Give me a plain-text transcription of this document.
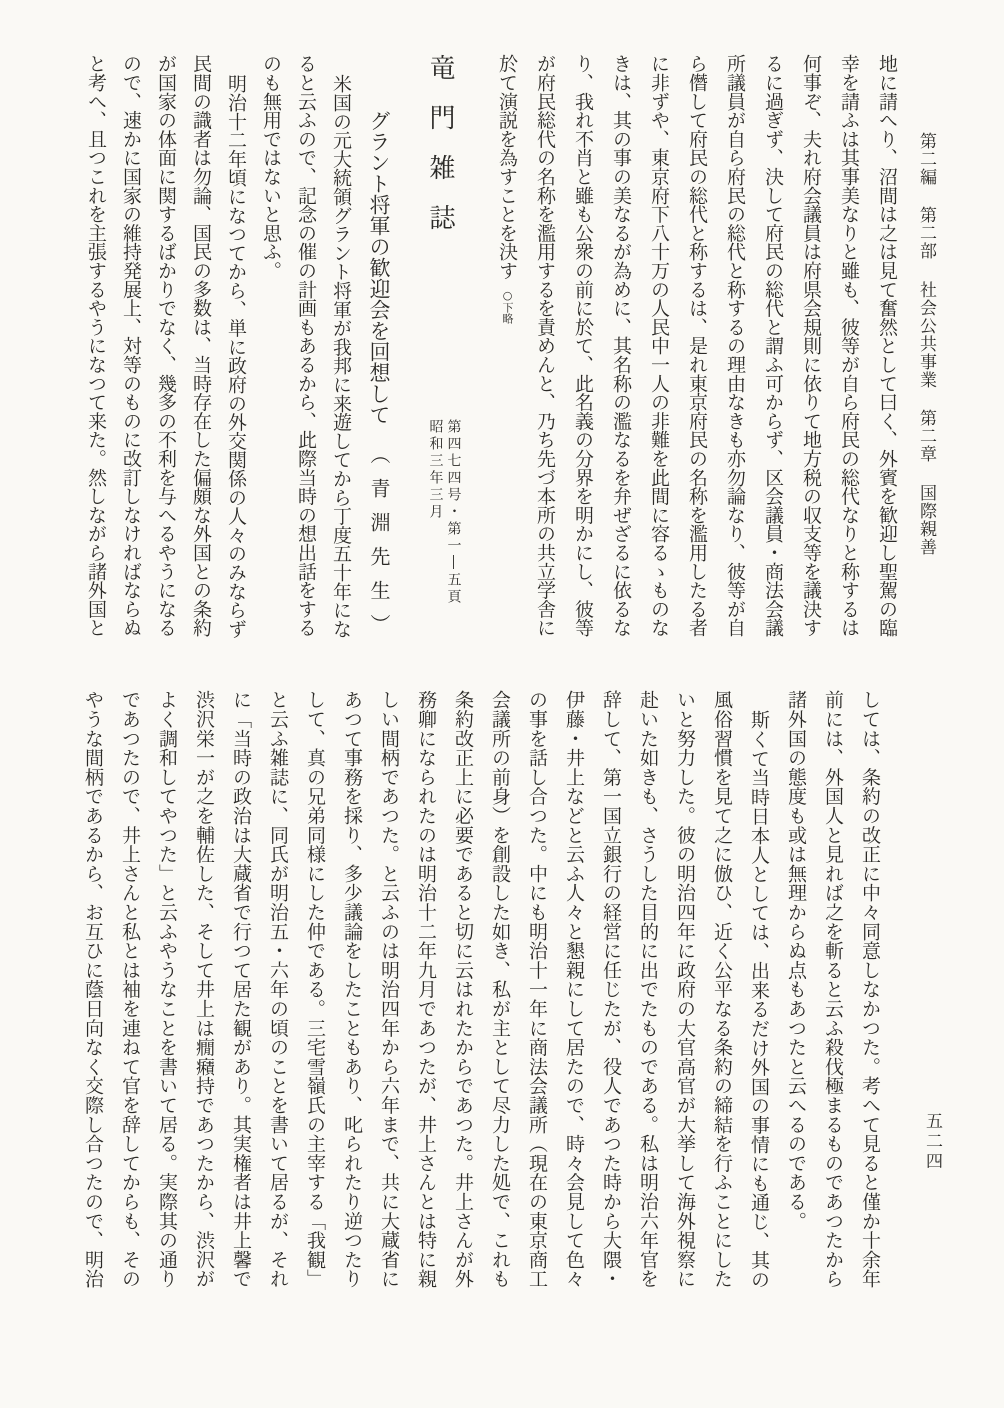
第二編 第二部 社会公共事業 第二章 国際親善
地に請へり、沼間は之は見て奮然として曰く、外賓を歓迎し聖駕の臨
幸を請ふは其事美なりと雖も、彼等が自ら府民の総代なりと称するは
何事ぞ、夫れ府会議員は府県会規則に依りて地方税の収支等を議決す
るに過ぎず、決して府民の総代と謂ふ可からず、区会議員・商法会議
所議員が自ら府民の総代と称するの理由なきも亦勿論なり、彼等が自
ら僭して府民の総代と称するは、是れ東京府民の名称を濫用したる者
に非ずや、東京府下八十万の人民中一人の非難を此間に容るゝものな
きは、其の事の美なるが為めに、其名称の濫なるを弁ぜざるに依るな
り、我れ不肖と雖も公衆の前に於て、此名義の分界を明かにし、彼等
が府民総代の名称を濫用するを責めんと、乃ち先づ本所の共立学舎に
於て演説を為すことを決す ○下略
竜門雑誌
第四七四号・第一―五頁
昭和三年三月
グラント将軍の歓迎会を回想して （青淵先生）
米国の元大統領グラント将軍が我邦に来遊してから丁度五十年にな
ると云ふので、記念の催の計画もあるから、此際当時の想出話をする
のも無用ではないと思ふ。
明治十二年頃になつてから、単に政府の外交関係の人々のみならず
民間の識者は勿論、国民の多数は、当時存在した偏頗な外国との条約
が国家の体面に関するばかりでなく、幾多の不利を与へるやうになる
ので、速かに国家の維持発展上、対等のものに改訂しなければならぬ
と考へ、且つこれを主張するやうになつて来た。然しながら諸外国と
しては、条約の改正に中々同意しなかつた。考へて見ると僅か十余年
前には、外国人と見れば之を斬ると云ふ殺伐極まるものであつたから
諸外国の態度も或は無理からぬ点もあつたと云へるのである。
斯くて当時日本人としては、出来るだけ外国の事情にも通じ、其の
風俗習慣を見て之に倣ひ、近く公平なる条約の締結を行ふことにした
いと努力した。彼の明治四年に政府の大官高官が大挙して海外視察に
赴いた如きも、さうした目的に出でたものである。私は明治六年官を
辞して、第一国立銀行の経営に任じたが、役人であつた時から大隈・
伊藤・井上などと云ふ人々と懇親にして居たので、時々会見して色々
の事を話し合つた。中にも明治十一年に商法会議所（現在の東京商工
会議所の前身）を創設した如き、私が主として尽力した処で、これも
条約改正上に必要であると切に云はれたからであつた。井上さんが外
務卿になられたのは明治十二年九月であつたが、井上さんとは特に親
しい間柄であつた。と云ふのは明治四年から六年まで、共に大蔵省に
あつて事務を採り、多少議論をしたこともあり、叱られたり逆つたり
して、真の兄弟同様にした仲である。三宅雪嶺氏の主宰する「我観」
と云ふ雑誌に、同氏が明治五・六年の頃のことを書いて居るが、それ
に「当時の政治は大蔵省で行つて居た観があり。其実権者は井上馨で
渋沢栄一が之を輔佐した、そして井上は癇癪持であつたから、渋沢が
よく調和してやつた」と云ふやうなことを書いて居る。実際其の通り
であつたので、井上さんと私とは袖を連ねて官を辞してからも、その
やうな間柄であるから、お互ひに蔭日向なく交際し合つたので、明治	五二四
